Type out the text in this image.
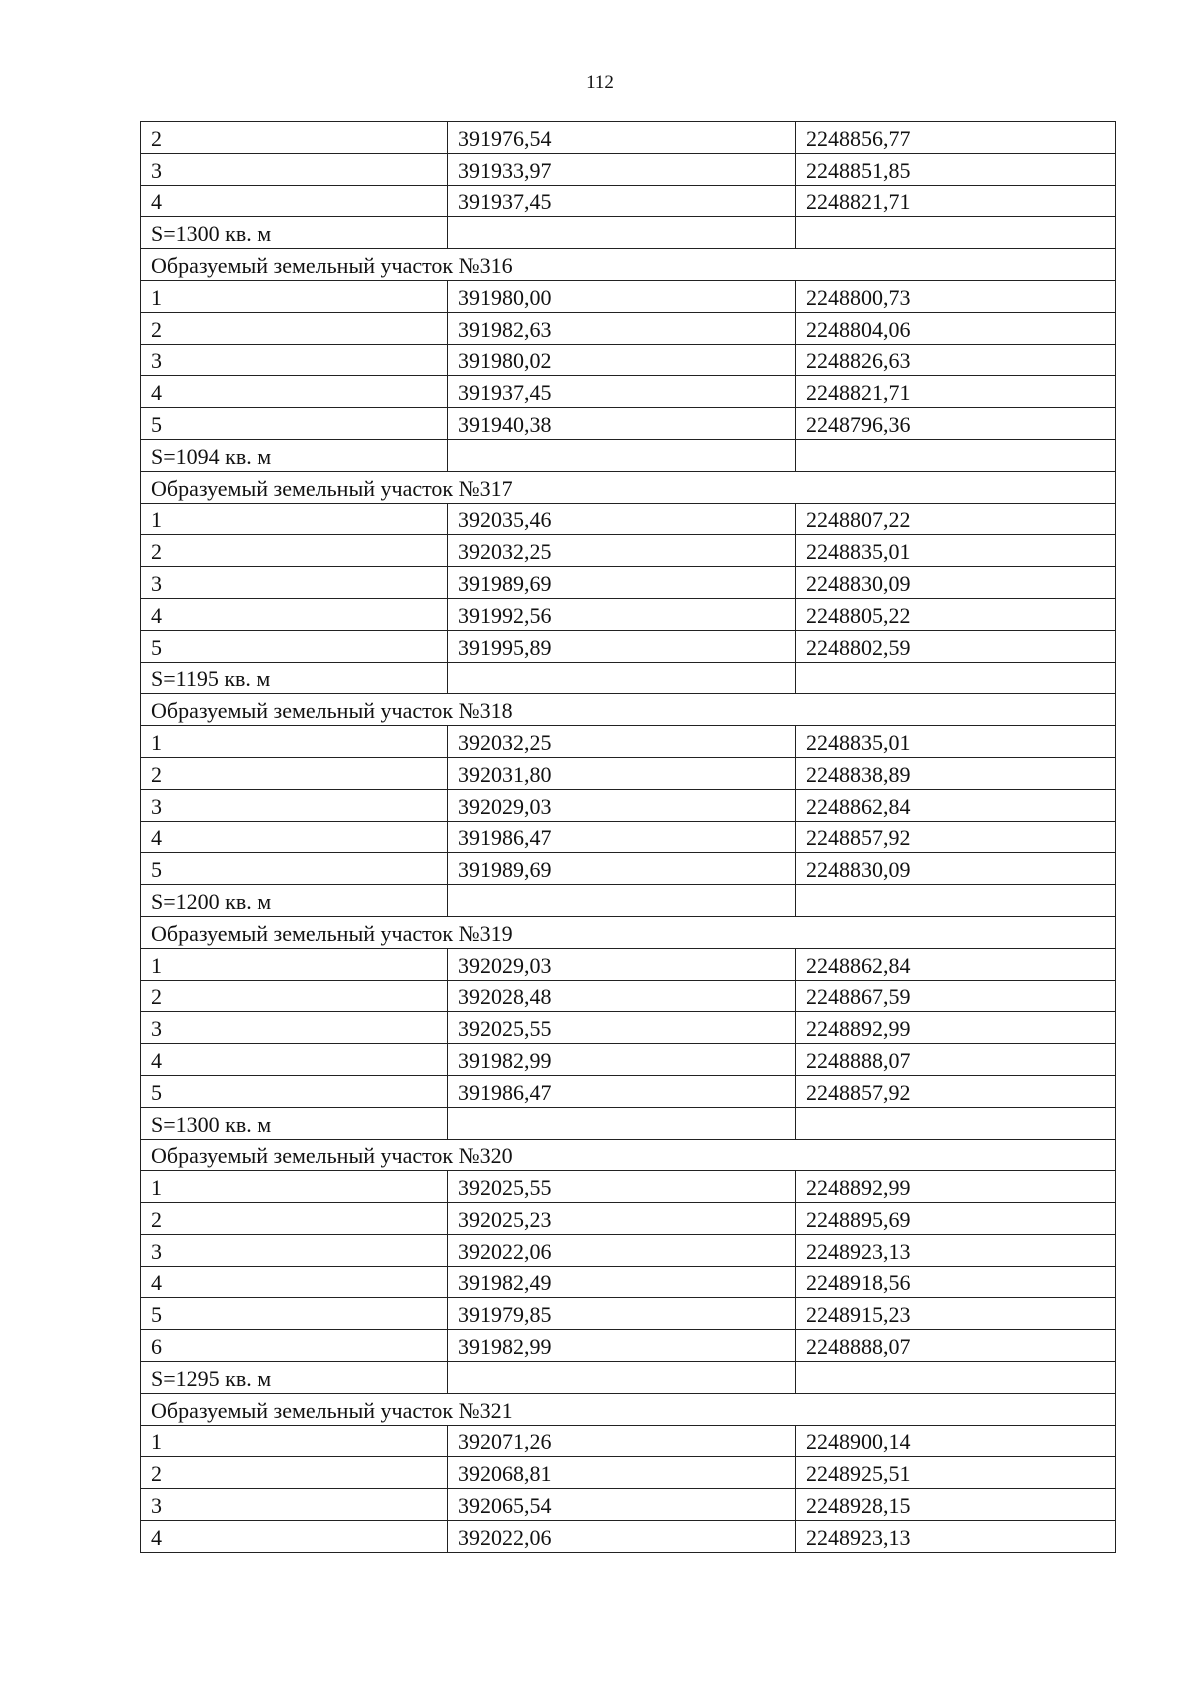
112
2	391976,54	2248856,77
3	391933,97	2248851,85
4	391937,45	2248821,71
S=1300 кв. м		
Образуемый земельный участок №316		
1	391980,00	2248800,73
2	391982,63	2248804,06
3	391980,02	2248826,63
4	391937,45	2248821,71
5	391940,38	2248796,36
S=1094 кв. м		
Образуемый земельный участок №317		
1	392035,46	2248807,22
2	392032,25	2248835,01
3	391989,69	2248830,09
4	391992,56	2248805,22
5	391995,89	2248802,59
S=1195 кв. м		
Образуемый земельный участок №318		
1	392032,25	2248835,01
2	392031,80	2248838,89
3	392029,03	2248862,84
4	391986,47	2248857,92
5	391989,69	2248830,09
S=1200 кв. м		
Образуемый земельный участок №319		
1	392029,03	2248862,84
2	392028,48	2248867,59
3	392025,55	2248892,99
4	391982,99	2248888,07
5	391986,47	2248857,92
S=1300 кв. м		
Образуемый земельный участок №320		
1	392025,55	2248892,99
2	392025,23	2248895,69
3	392022,06	2248923,13
4	391982,49	2248918,56
5	391979,85	2248915,23
6	391982,99	2248888,07
S=1295 кв. м		
Образуемый земельный участок №321		
1	392071,26	2248900,14
2	392068,81	2248925,51
3	392065,54	2248928,15
4	392022,06	2248923,13
